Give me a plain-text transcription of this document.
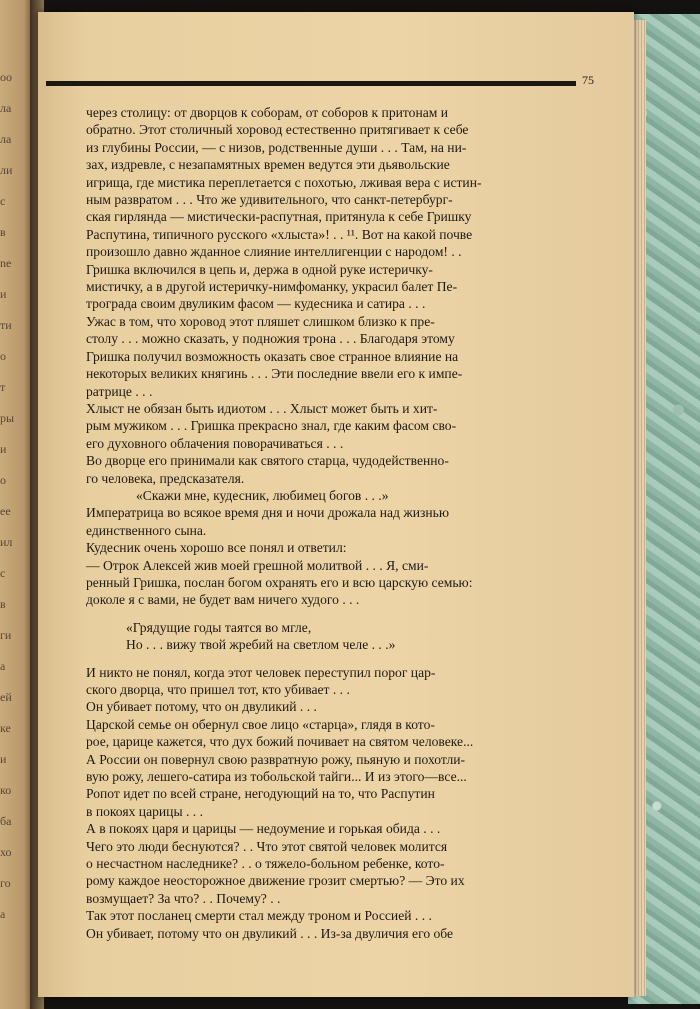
oo
ла
ла
ли
с
в
ne
и
ти
о
т
ры
и
о
ее
ил
с
в
ги
а
ей
ке
и
ко
ба
хо
го
а
75
через столицу: от дворцов к соборам, от соборов к притонам и
обратно. Этот столичный хоровод естественно притягивает к себе
из глубины России, — с низов, родственные души . . . Там, на ни-
зах, издревле, с незапамятных времен ведутся эти дьявольские
игрища, где мистика переплетается с похотью, лживая вера с истин-
ным развратом . . . Что же удивительного, что санкт-петербург-
ская гирлянда — мистически-распутная, притянула к себе Гришку
Распутина, типичного русского «хлыста»! . . ¹¹. Вот на какой почве
произошло давно жданное слияние интеллигенции с народом! . .
Гришка включился в цепь и, держа в одной руке истеричку-
мистичку, а в другой истеричку-нимфоманку, украсил балет Пе-
трограда своим двуликим фасом — кудесника и сатира . . .
Ужас в том, что хоровод этот пляшет слишком близко к пре-
столу . . . можно сказать, у подножия трона . . . Благодаря этому
Гришка получил возможность оказать свое странное влияние на
некоторых великих княгинь . . . Эти последние ввели его к импе-
ратрице . . .
Хлыст не обязан быть идиотом . . . Хлыст может быть и хит-
рым мужиком . . . Гришка прекрасно знал, где каким фасом сво-
его духовного облачения поворачиваться . . .
Во дворце его принимали как святого старца, чудодейственно-
го человека, предсказателя.
«Скажи мне, кудесник, любимец богов . . .»
Императрица во всякое время дня и ночи дрожала над жизнью
единственного сына.
Кудесник очень хорошо все понял и ответил:
— Отрок Алексей жив моей грешной молитвой . . . Я, сми-
ренный Гришка, послан богом охранять его и всю царскую семью:
доколе я с вами, не будет вам ничего худого . . .
«Грядущие годы таятся во мгле,
Но . . . вижу твой жребий на светлом челе . . .»
И никто не понял, когда этот человек переступил порог цар-
ского дворца, что пришел тот, кто убивает . . .
Он убивает потому, что он двуликий . . .
Царской семье он обернул свое лицо «старца», глядя в кото-
рое, царице кажется, что дух божий почивает на святом человеке...
А России он повернул свою развратную рожу, пьяную и похотли-
вую рожу, лешего-сатира из тобольской тайги... И из этого—все...
Ропот идет по всей стране, негодующий на то, что Распутин
в покоях царицы . . .
А в покоях царя и царицы — недоумение и горькая обида . . .
Чего это люди беснуются? . . Что этот святой человек молится
о несчастном наследнике? . . о тяжело-больном ребенке, кото-
рому каждое неосторожное движение грозит смертью? — Это их
возмущает? За что? . . Почему? . .
Так этот посланец смерти стал между троном и Россией . . .
Он убивает, потому что он двуликий . . . Из-за двуличия его обе
